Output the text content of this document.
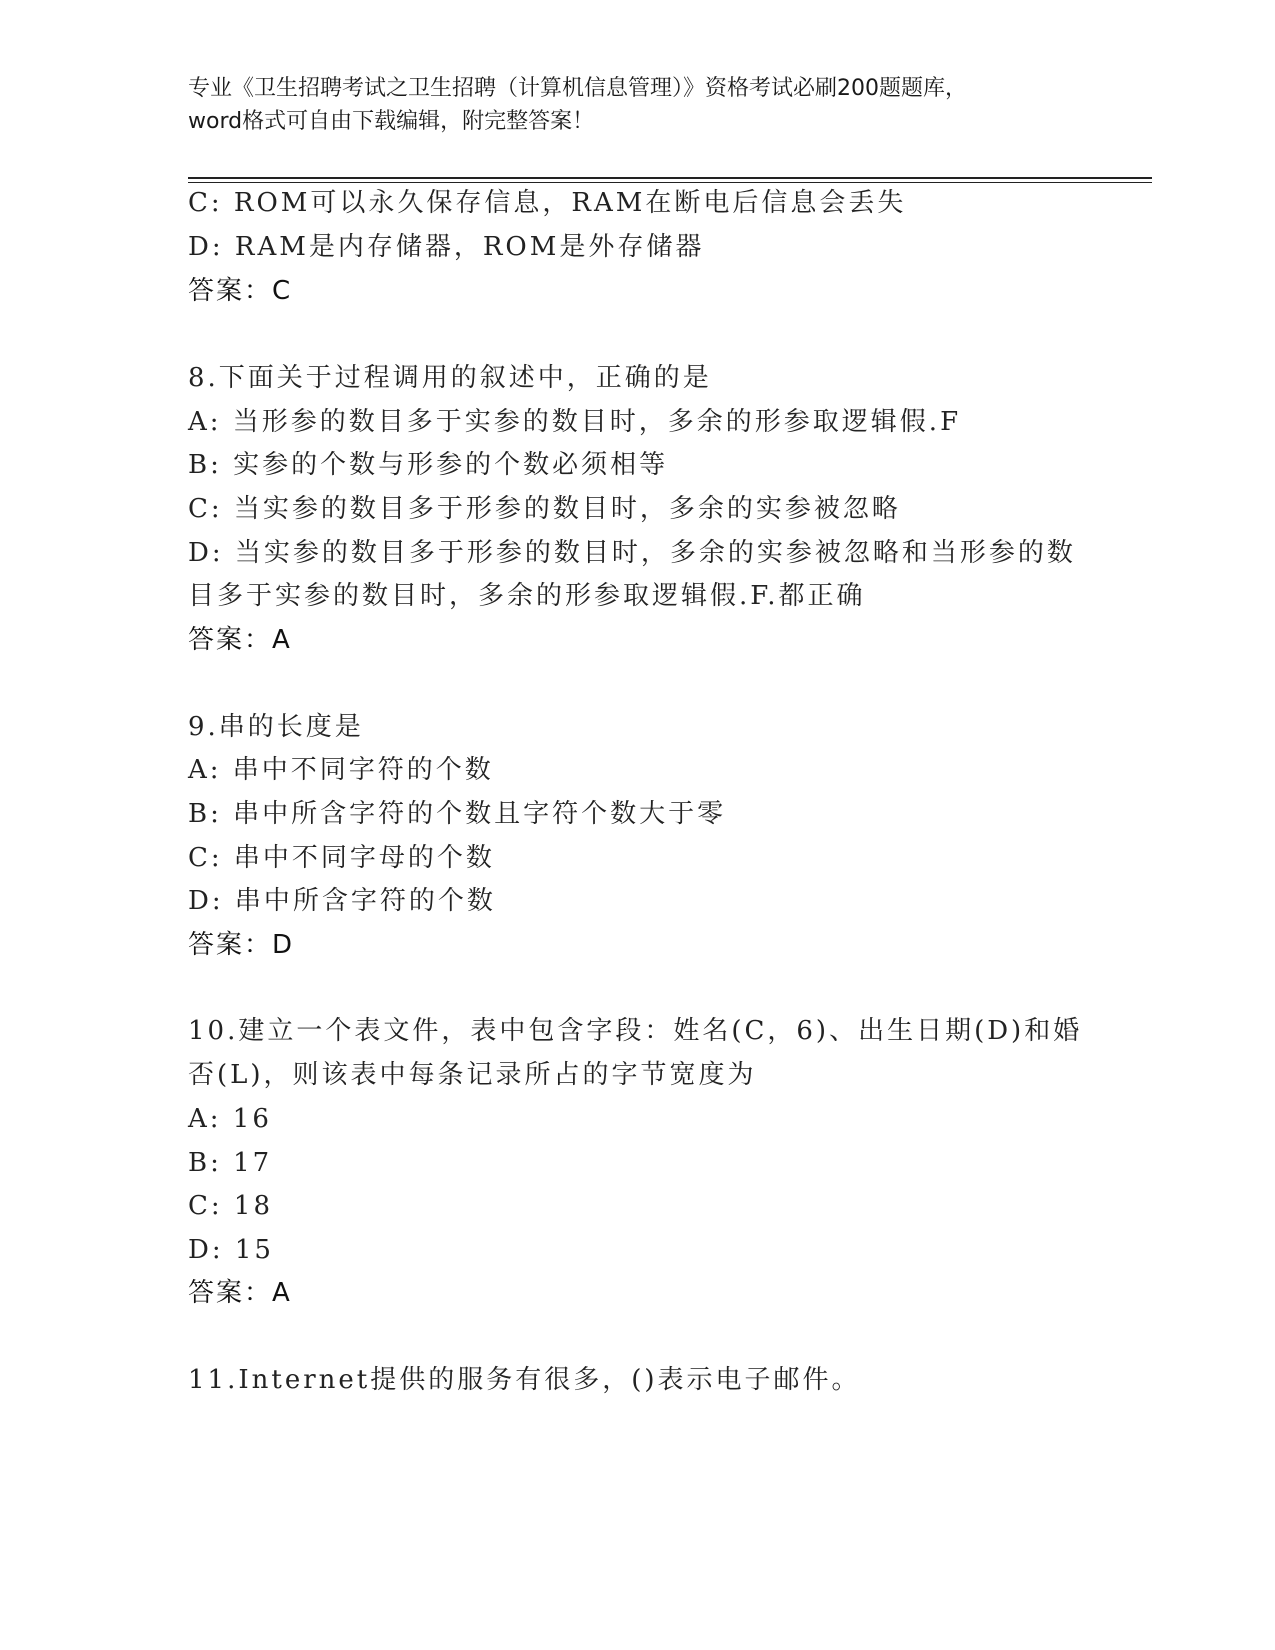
专业《卫生招聘考试之卫生招聘（计算机信息管理）》资格考试必刷200题题库，
word格式可自由下载编辑，附完整答案！
C: ROM可以永久保存信息，RAM在断电后信息会丢失
D: RAM是内存储器，ROM是外存储器
答案：C
8.下面关于过程调用的叙述中，正确的是
A: 当形参的数目多于实参的数目时，多余的形参取逻辑假.F
B: 实参的个数与形参的个数必须相等
C: 当实参的数目多于形参的数目时，多余的实参被忽略
D: 当实参的数目多于形参的数目时，多余的实参被忽略和当形参的数
目多于实参的数目时，多余的形参取逻辑假.F.都正确
答案：A
9.串的长度是
A: 串中不同字符的个数
B: 串中所含字符的个数且字符个数大于零
C: 串中不同字母的个数
D: 串中所含字符的个数
答案：D
10.建立一个表文件，表中包含字段：姓名(C，6)、出生日期(D)和婚
否(L)，则该表中每条记录所占的字节宽度为
A: 16
B: 17
C: 18
D: 15
答案：A
11.Internet提供的服务有很多，()表示电子邮件。
